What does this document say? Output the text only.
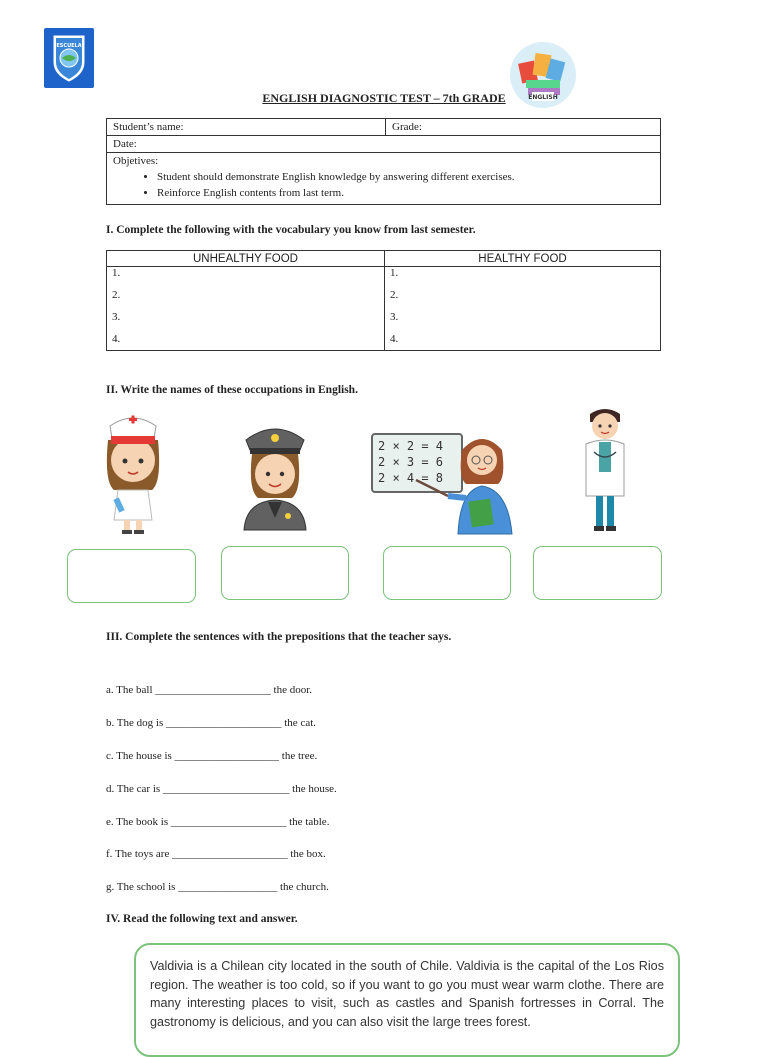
ESCUELA
ENGLISH
ENGLISH DIAGNOSTIC TEST – 7th GRADE
Student’s name:	Grade:
Date:
Objetives:
• Student should demonstrate English knowledge by answering different exercises.
• Reinforce English contents from last term.
I. Complete the following with the vocabulary you know from last semester.
UNHEALTHY FOOD	HEALTHY FOOD
1.	1.
2.	2.
3.	3.
4.	4.
II. Write the names of these occupations in English.
2 × 2 = 4
2 × 3 = 6
2 × 4 = 8
III. Complete the sentences with the prepositions that the teacher says.
a. The ball _____________________ the door.
b. The dog is _____________________ the cat.
c. The house is ___________________ the tree.
d. The car is _______________________ the house.
e. The book is _____________________ the table.
f. The toys are _____________________ the box.
g. The school is __________________ the church.
IV. Read the following text and answer.

Valdivia is a Chilean city located in the south of Chile. Valdivia is the capital of the Los Rios region. The weather is too cold, so if you want to go you must wear warm clothe. There are many interesting places to visit, such as castles and Spanish fortresses in Corral. The gastronomy is delicious, and you can also visit the large trees forest.
